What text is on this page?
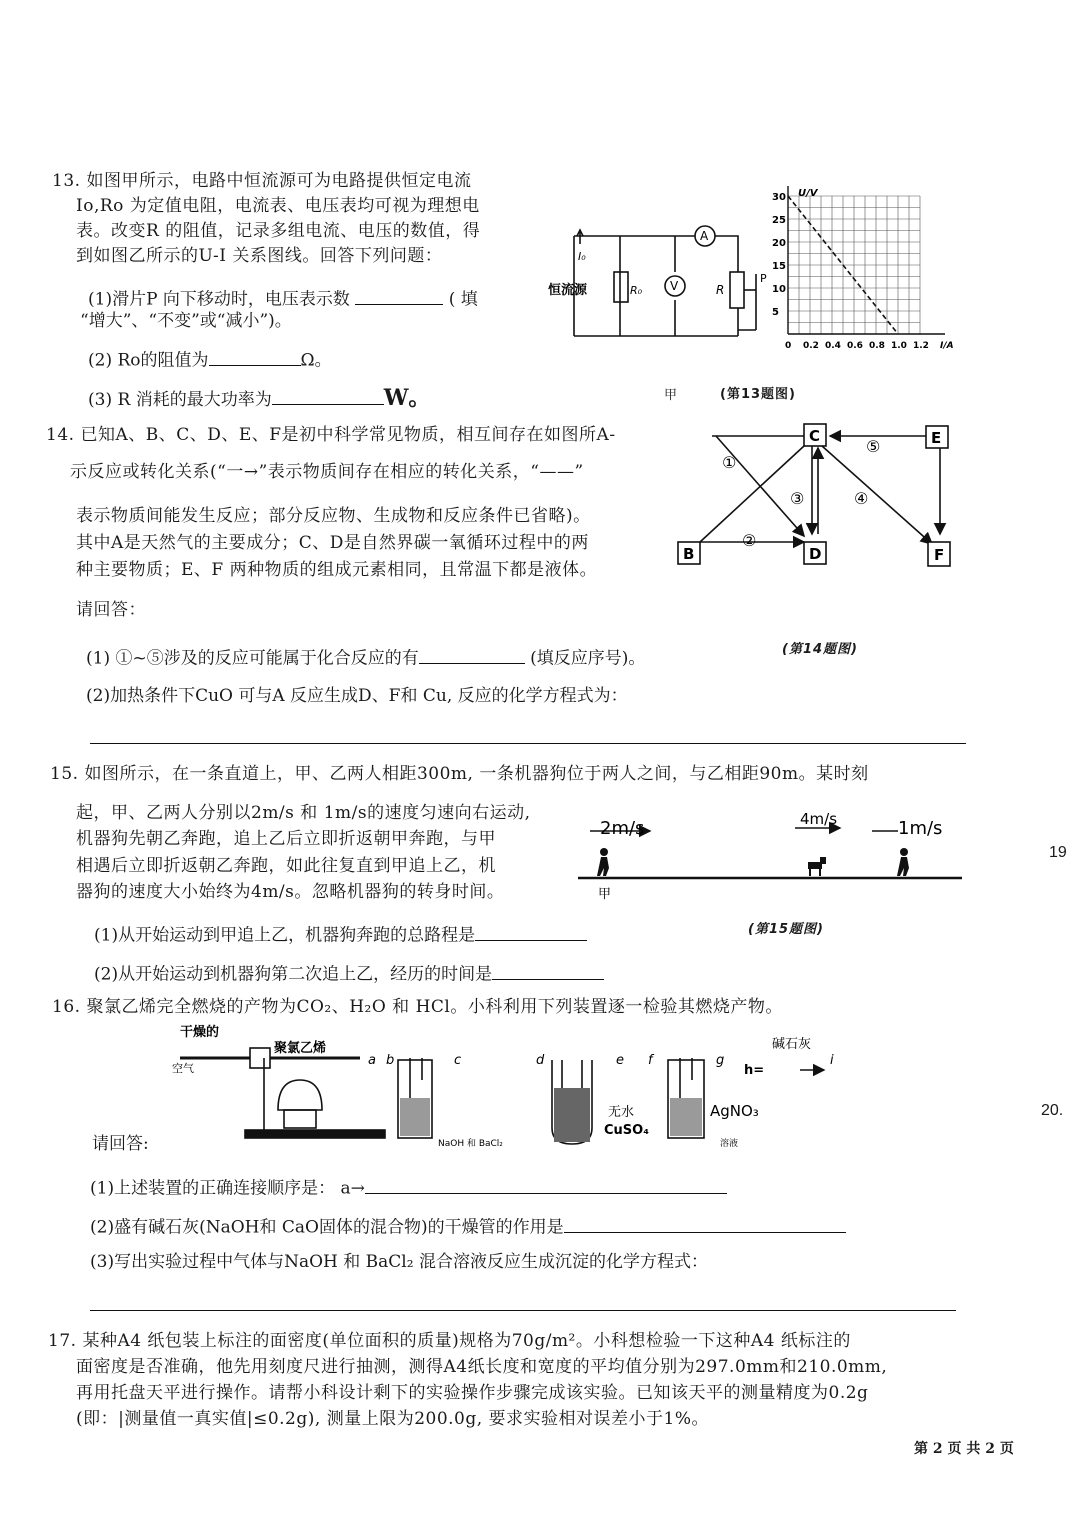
13. 如图甲所示，电路中恒流源可为电路提供恒定电流
Io,Ro 为定值电阻，电流表、电压表均可视为理想电
表。改变R 的阻值，记录多组电流、电压的数值，得
到如图乙所示的U-I 关系图线。回答下列问题：
(1)滑片P 向下移动时，电压表示数	( 填
“增大”、“不变”或“减小”)。
(2) Ro的阻值为	Ω。
(3) R 消耗的最大功率为	W。
I₀
恒流源	R₀
A
V	R
P
U/V
I/A
30
25
20
15
10
5
0 0.2 0.4 0.6 0.8 1.0 1.2
甲	(第13题图)
14. 已知A、B、C、D、E、F是初中科学常见物质，相互间存在如图所A-
示反应或转化关系(“一→”表示物质间存在相应的转化关系，“——”
表示物质间能发生反应；部分反应物、生成物和反应条件已省略)。
其中A是天然气的主要成分；C、D是自然界碳一氧循环过程中的两
种主要物质；E、F 两种物质的组成元素相同，且常温下都是液体。
请回答：
(1) ①~⑤涉及的反应可能属于化合反应的有	(填反应序号)。	(第14题图)
(2)加热条件下CuO 可与A 反应生成D、F和 Cu, 反应的化学方程式为：
C	E
B	D	F
①
②
③	④
⑤
15. 如图所示，在一条直道上，甲、乙两人相距300m, 一条机器狗位于两人之间，与乙相距90m。某时刻
起，甲、乙两人分别以2m/s 和 1m/s的速度匀速向右运动,
机器狗先朝乙奔跑，追上乙后立即折返朝甲奔跑，与甲
相遇后立即折返朝乙奔跑，如此往复直到甲追上乙，机
器狗的速度大小始终为4m/s。忽略机器狗的转身时间。
(1)从开始运动到甲追上乙，机器狗奔跑的总路程是	(第15题图)
(2)从开始运动到机器狗第二次追上乙，经历的时间是
2m/s	4m/s	1m/s
甲
16. 聚氯乙烯完全燃烧的产物为CO₂、H₂O 和 HCl。小科利用下列装置逐一检验其燃烧产物。
干燥的
空气
聚氯乙烯
a b	c	d	e f	g
碱石灰
h=
i
无水
CuSO₄
AgNO₃
NaOH 和 BaCl₂	溶液
请回答:
(1)上述装置的正确连接顺序是： a→
(2)盛有碱石灰(NaOH和 CaO固体的混合物)的干燥管的作用是
(3)写出实验过程中气体与NaOH 和 BaCl₂ 混合溶液反应生成沉淀的化学方程式：
17. 某种A4 纸包装上标注的面密度(单位面积的质量)规格为70g/m²。小科想检验一下这种A4 纸标注的
面密度是否准确，他先用刻度尺进行抽测，测得A4纸长度和宽度的平均值分别为297.0mm和210.0mm,
再用托盘天平进行操作。请帮小科设计剩下的实验操作步骤完成该实验。已知该天平的测量精度为0.2g
(即：|测量值一真实值|≤0.2g), 测量上限为200.0g, 要求实验相对误差小于1%。
19
20.
第 2 页 共 2 页
